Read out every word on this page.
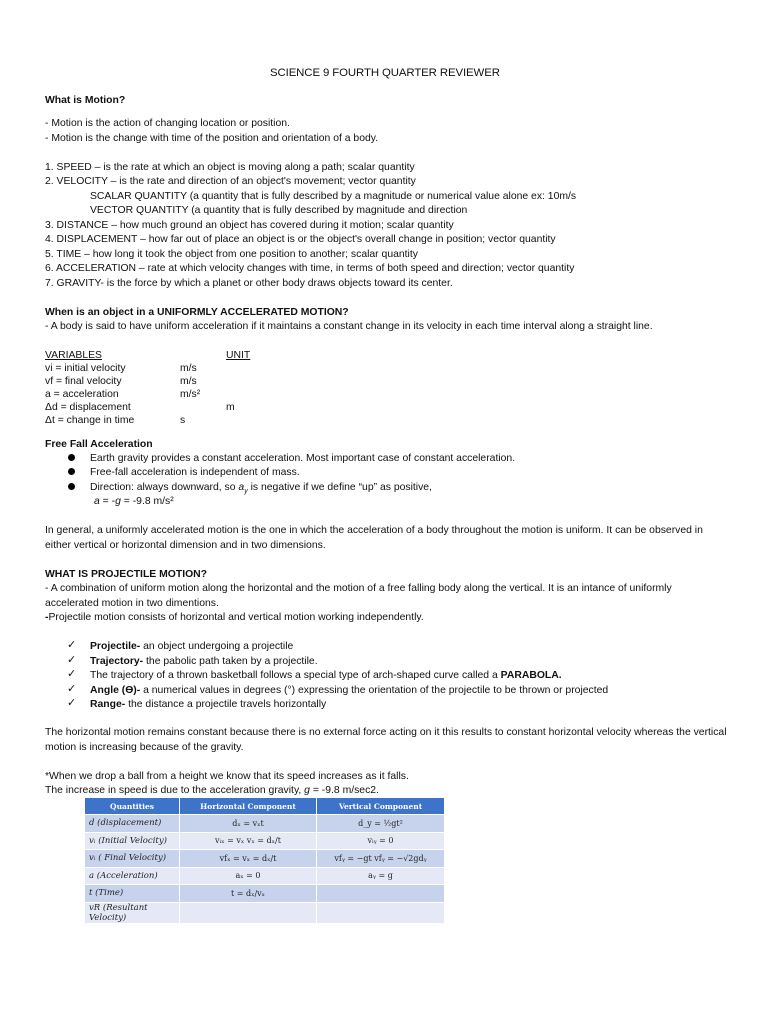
SCIENCE 9 FOURTH QUARTER REVIEWER
What is Motion?
- Motion is the action of changing location or position.
- Motion is the change with time of the position and orientation of a body.
1. SPEED – is the rate at which an object is moving along a path; scalar quantity
2. VELOCITY – is the rate and direction of an object's movement; vector quantity
SCALAR QUANTITY (a quantity that is fully described by a magnitude or numerical value alone ex: 10m/s
VECTOR QUANTITY (a quantity that is fully described by magnitude and direction
3. DISTANCE – how much ground an object has covered during it motion; scalar quantity
4. DISPLACEMENT – how far out of place an object is or the object's overall change in position; vector quantity
5. TIME – how long it took the object from one position to another; scalar quantity
6. ACCELERATION – rate at which velocity changes with time, in terms of both speed and direction; vector quantity
7. GRAVITY- is the force by which a planet or other body draws objects toward its center.
When is an object in a UNIFORMLY ACCELERATED MOTION?
- A body is said to have uniform acceleration if it maintains a constant change in its velocity in each time interval along a straight line.
VARIABLES	UNIT
vi = initial velocity	m/s
vf = final velocity	m/s
a = acceleration	m/s²
Δd = displacement	m
Δt = change in time	s
Free Fall Acceleration
Earth gravity provides a constant acceleration. Most important case of constant acceleration.
Free-fall acceleration is independent of mass.
Direction: always downward, so $a_y$ is negative if we define “up” as positive,
a = -g = -9.8 m/s²
In general, a uniformly accelerated motion is the one in which the acceleration of a body throughout the motion is uniform. It can be observed in
either vertical or horizontal dimension and in two dimensions.
WHAT IS PROJECTILE MOTION?
- A combination of uniform motion along the horizontal and the motion of a free falling body along the vertical. It is an intance of uniformly
accelerated motion in two dimentions.
-Projectile motion consists of horizontal and vertical motion working independently.
✓ Projectile- an object undergoing a projectile
✓ Trajectory- the pabolic path taken by a projectile.
✓ The trajectory of a thrown basketball follows a special type of arch-shaped curve called a PARABOLA.
✓ Angle (Ɵ)- a numerical values in degrees (°) expressing the orientation of the projectile to be thrown or projected
✓ Range- the distance a projectile travels horizontally
The horizontal motion remains constant because there is no external force acting on it this results to constant horizontal velocity whereas the vertical
motion is increasing because of the gravity.
*When we drop a ball from a height we know that its speed increases as it falls.
The increase in speed is due to the acceleration gravity, g = -9.8 m/sec2.
Quantities	Horizontal Component	Vertical Component
d (displacement)	dₓ = vₓt	d_y = ½gt²
vᵢ (Initial Velocity)	vᵢₓ = vₓ vₓ = dₓ/t	vᵢᵧ = 0
vᵢ ( Final Velocity)	vfₓ = vₓ = dₓ/t	vfᵧ = −gt vfᵧ = −√2gdᵧ
a (Acceleration)	aₓ = 0	aᵧ = g
t (Time)	t = dₓ/vₓ	
vR (Resultant Velocity)		
